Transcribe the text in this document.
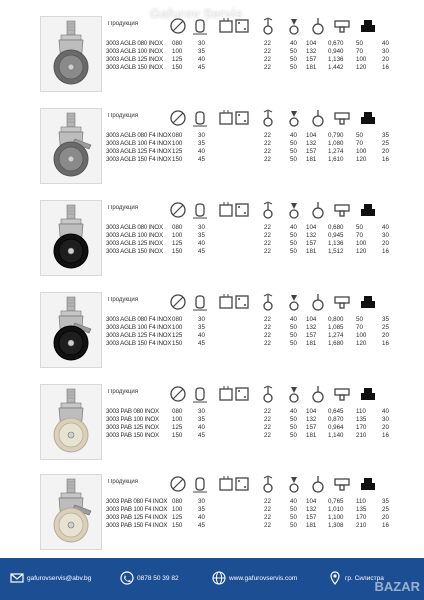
Gafurov Servis
Продукция
3003 AGLB 080 INOX	080	30	22	40	104	0,670 50	40
3003 AGLB 100 INOX	100	35	22	50	132	0,940 70	30
3003 AGLB 125 INOX	125	40	22	50	157	1,136 100	20
3003 AGLB 150 INOX	150	45	22	50	181	1,442 120	16
Продукция
3003 AGLB 080 F4 INOX 080	30	22	40	104	0,790 50	35
3003 AGLB 100 F4 INOX 100	35	22	50	132	1,080 70	25
3003 AGLB 125 F4 INOX 125	40	22	50	157	1,274 100	20
3003 AGLB 150 F4 INOX 150	45	22	50	181	1,610 120	16
Продукция
3003 AGLB 080 INOX	080	30	22	40	104	0,680 50	40
3003 AGLB 100 INOX	100	35	22	50	132	0,945 70	30
3003 AGLB 125 INOX	125	40	22	50	157	1,136 100	20
3003 AGLB 150 INOX	150	45	22	50	181	1,512 120	16
Продукция
3003 AGLB 080 F4 INOX 080	30	22	40	104	0,800 50	35
3003 AGLB 100 F4 INOX 100	35	22	50	132	1,085 70	25
3003 AGLB 125 F4 INOX 125	40	22	50	157	1,274 100	20
3003 AGLB 150 F4 INOX 150	45	22	50	181	1,680 120	16
Продукция
3003 PAB 080 INOX	080	30	22	40	104	0,645 110	40
3003 PAB 100 INOX	100	35	22	50	132	0,870 135	30
3003 PAB 125 INOX	125	40	22	50	157	0,964 170	20
3003 PAB 150 INOX	150	45	22	50	181	1,140 210	16
Продукция
3003 PAB 080 F4 INOX 080	30	22	40	104	0,765 110	35
3003 PAB 100 F4 INOX 100	35	22	50	132	1,010 135	25
3003 PAB 125 F4 INOX 125	40	22	50	157	1,100 170	20
3003 PAB 150 F4 INOX 150	45	22	50	181	1,308 210	16
gafurovservis@abv.bg	0878 50 39 82	www.gafurovservis.com	гр. Силистра
BAZAR
